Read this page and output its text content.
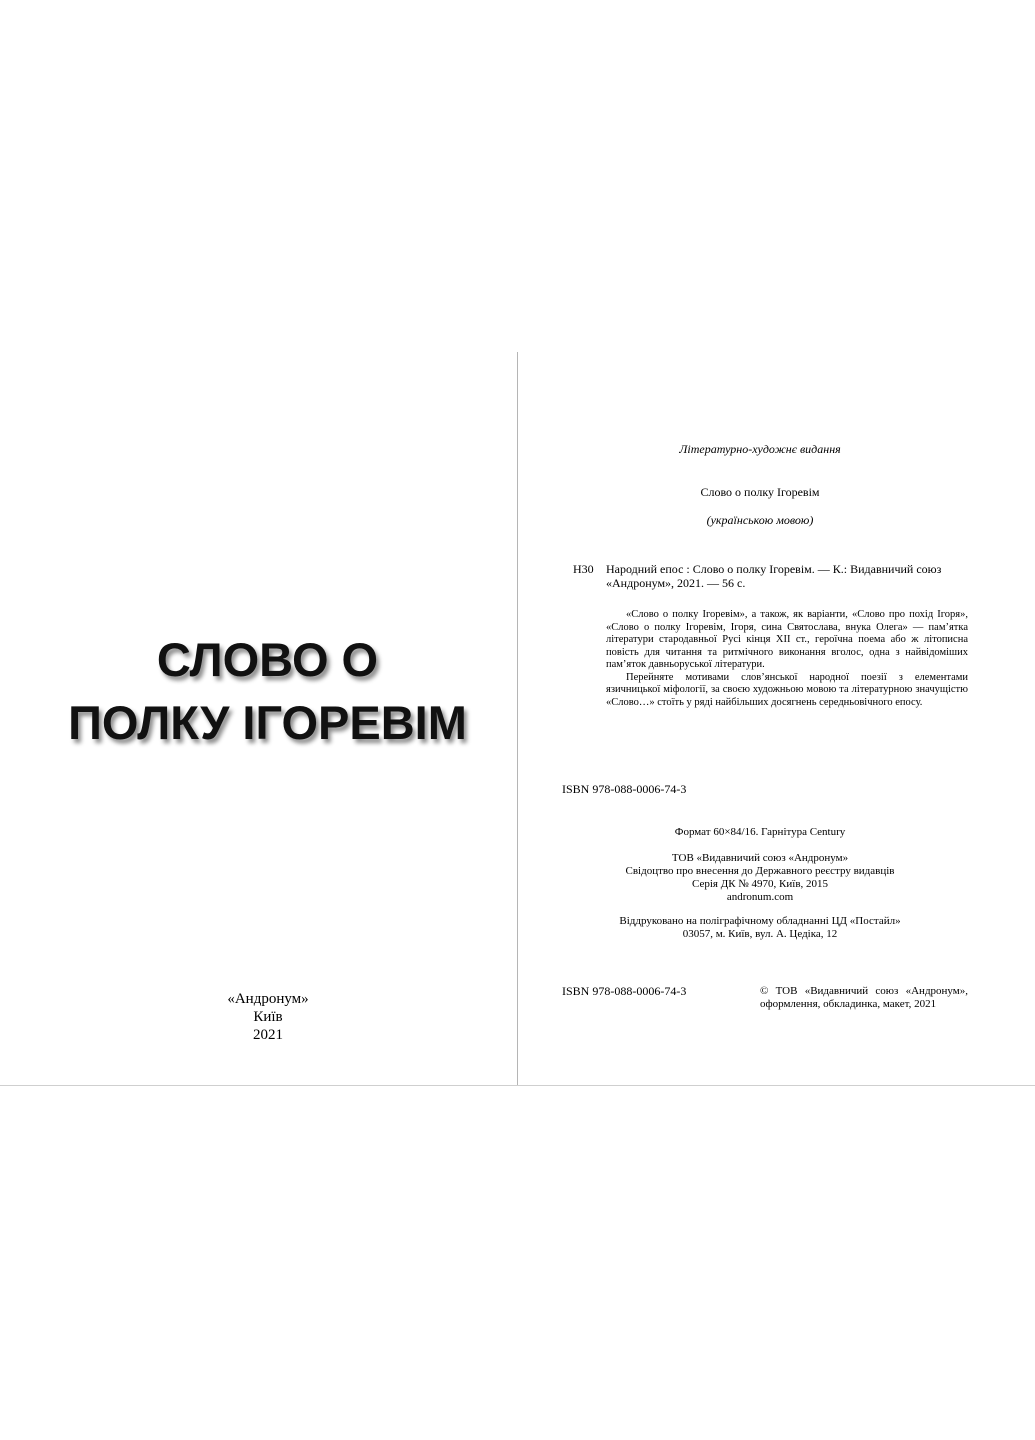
СЛОВО О
ПОЛКУ ІГОРЕВІМ
«Андронум»
Київ
2021
Літературно-художнє видання
Слово о полку Ігоревім
(українською мовою)
Н30 Народний епос : Слово о полку Ігоревім. — К.: Видавничий союз
«Андронум», 2021. — 56 с.

«Слово о полку Ігоревім», а також, як варіанти, «Слово про похід Ігоря», «Слово о полку Ігоревім, Ігоря, сина Святослава, внука Олега» — пам’ятка літератури стародавньої Русі кінця XII ст., героїчна поема або ж літописна повість для читання та ритмічного виконання вголос, одна з найвідоміших пам’яток давньоруської літератури.

Перейняте мотивами слов’янської народної поезії з елементами язичницької міфології, за своєю художньою мовою та літературною значущістю «Слово…» стоїть у ряді найбільших досягнень середньовічного епосу.

ISBN 978-088-0006-74-3
Формат 60×84/16. Гарнітура Century
ТОВ «Видавничий союз «Андронум»
Свідоцтво про внесення до Державного реєстру видавців
Серія ДК № 4970, Київ, 2015
andronum.com
Віддруковано на поліграфічному обладнанні ЦД «Постайл»
03057, м. Київ, вул. А. Цедіка, 12
ISBN 978-088-0006-74-3	© ТОВ «Видавничий союз «Андронум», оформлення, обкладинка, макет, 2021
